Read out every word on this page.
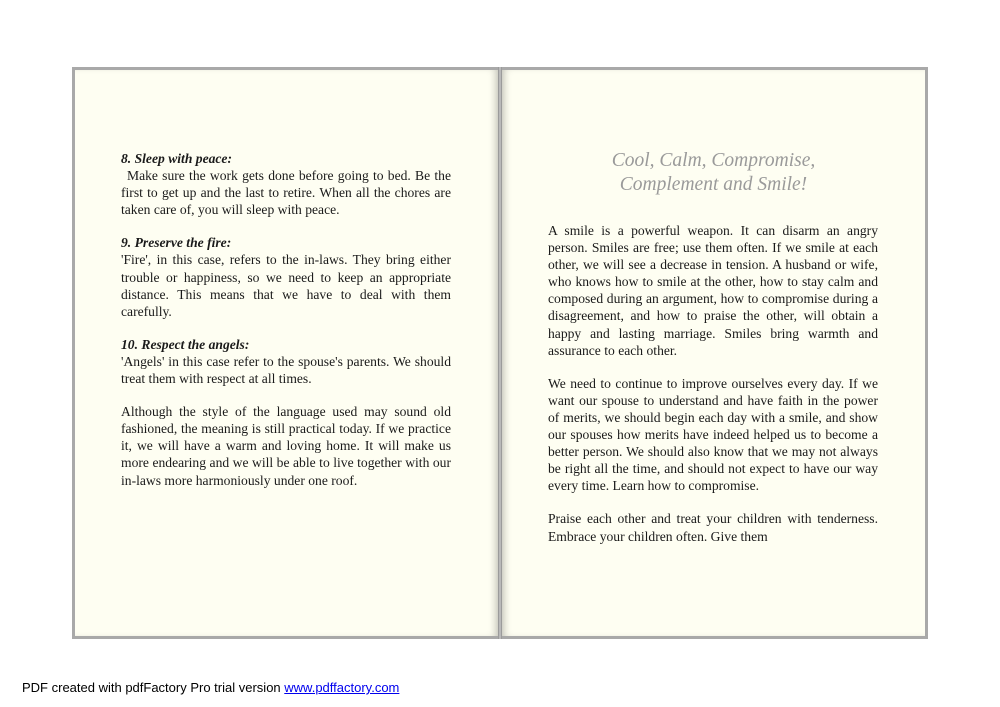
8. Sleep with peace:

Make sure the work gets done before going to bed. Be the first to get up and the last to retire. When all the chores are taken care of, you will sleep with peace.

9. Preserve the fire:

'Fire', in this case, refers to the in-laws. They bring either trouble or happiness, so we need to keep an appropriate distance. This means that we have to deal with them carefully.

10. Respect the angels:

'Angels' in this case refer to the spouse's parents. We should treat them with respect at all times.

Although the style of the language used may sound old fashioned, the meaning is still practical today. If we practice it, we will have a warm and loving home. It will make us more endearing and we will be able to live together with our in-laws more harmoniously under one roof.

Cool, Calm, Compromise,
Complement and Smile!

A smile is a powerful weapon. It can disarm an angry person. Smiles are free; use them often. If we smile at each other, we will see a decrease in tension. A husband or wife, who knows how to smile at the other, how to stay calm and composed during an argument, how to compromise during a disagreement, and how to praise the other, will obtain a happy and lasting marriage. Smiles bring warmth and assurance to each other.

We need to continue to improve ourselves every day. If we want our spouse to understand and have faith in the power of merits, we should begin each day with a smile, and show our spouses how merits have indeed helped us to become a better person. We should also know that we may not always be right all the time, and should not expect to have our way every time. Learn how to compromise.

Praise each other and treat your children with tenderness. Embrace your children often. Give them

PDF created with pdfFactory Pro trial version www.pdffactory.com
